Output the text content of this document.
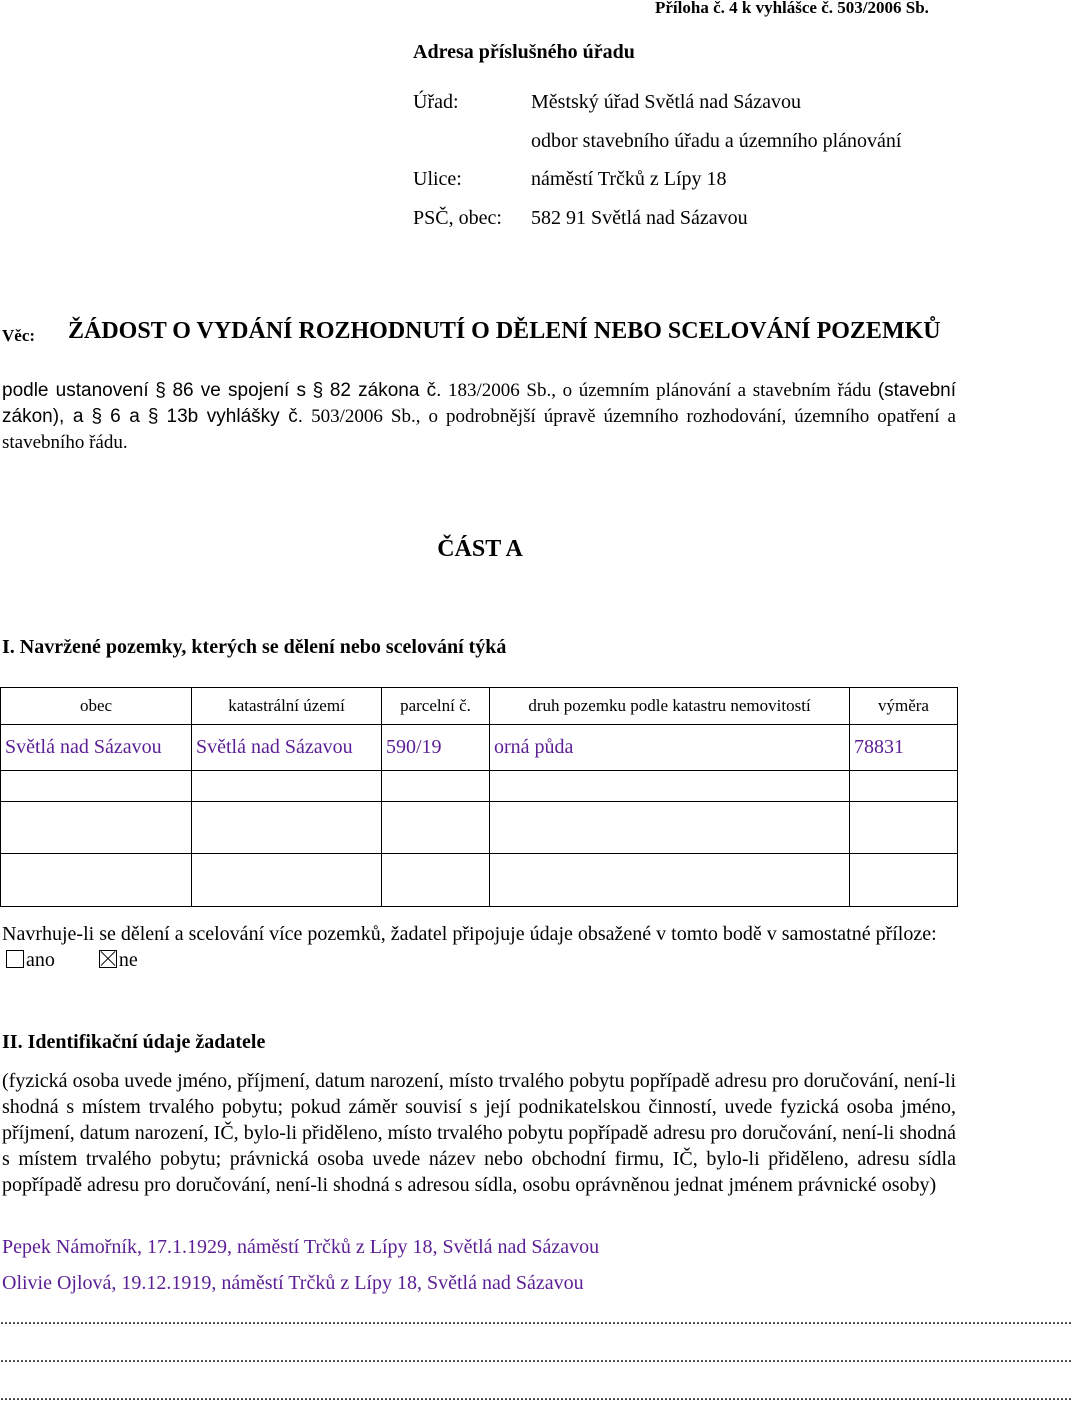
Příloha č. 4 k vyhlášce č. 503/2006 Sb.
Adresa příslušného úřadu
Úřad:	Městský úřad Světlá nad Sázavou
odbor stavebního úřadu a územního plánování
Ulice:	náměstí Trčků z Lípy 18
PSČ, obec: 582 91 Světlá nad Sázavou
Věc: ŽÁDOST O VYDÁNÍ ROZHODNUTÍ O DĚLENÍ NEBO SCELOVÁNÍ POZEMKŮ
podle ustanovení § 86 ve spojení s § 82 zákona č. 183/2006 Sb., o územním plánování a stavebním řádu (stavební zákon), a § 6 a § 13b vyhlášky č. 503/2006 Sb., o podrobnější úpravě územního rozhodování, územního opatření a stavebního řádu.
ČÁST A
I. Navržené pozemky, kterých se dělení nebo scelování týká
obec	katastrální území	parcelní č.	druh pozemku podle katastru nemovitostí	výměra
Světlá nad Sázavou	Světlá nad Sázavou	590/19	orná půda	78831

Navrhuje-li se dělení a scelování více pozemků, žadatel připojuje údaje obsažené v tomto bodě v samostatné příloze: ano	ne
II. Identifikační údaje žadatele
(fyzická osoba uvede jméno, příjmení, datum narození, místo trvalého pobytu popřípadě adresu pro doručování, není-li shodná s místem trvalého pobytu; pokud záměr souvisí s její podnikatelskou činností, uvede fyzická osoba jméno, příjmení, datum narození, IČ, bylo-li přiděleno, místo trvalého pobytu popřípadě adresu pro doručování, není-li shodná s místem trvalého pobytu; právnická osoba uvede název nebo obchodní firmu, IČ, bylo-li přiděleno, adresu sídla popřípadě adresu pro doručování, není-li shodná s adresou sídla, osobu oprávněnou jednat jménem právnické osoby)
Pepek Námořník, 17.1.1929, náměstí Trčků z Lípy 18, Světlá nad Sázavou
Olivie Ojlová, 19.12.1919, náměstí Trčků z Lípy 18, Světlá nad Sázavou
............................................................................................................................................................................................................................................................................
............................................................................................................................................................................................................................................................................
............................................................................................................................................................................................................................................................................
